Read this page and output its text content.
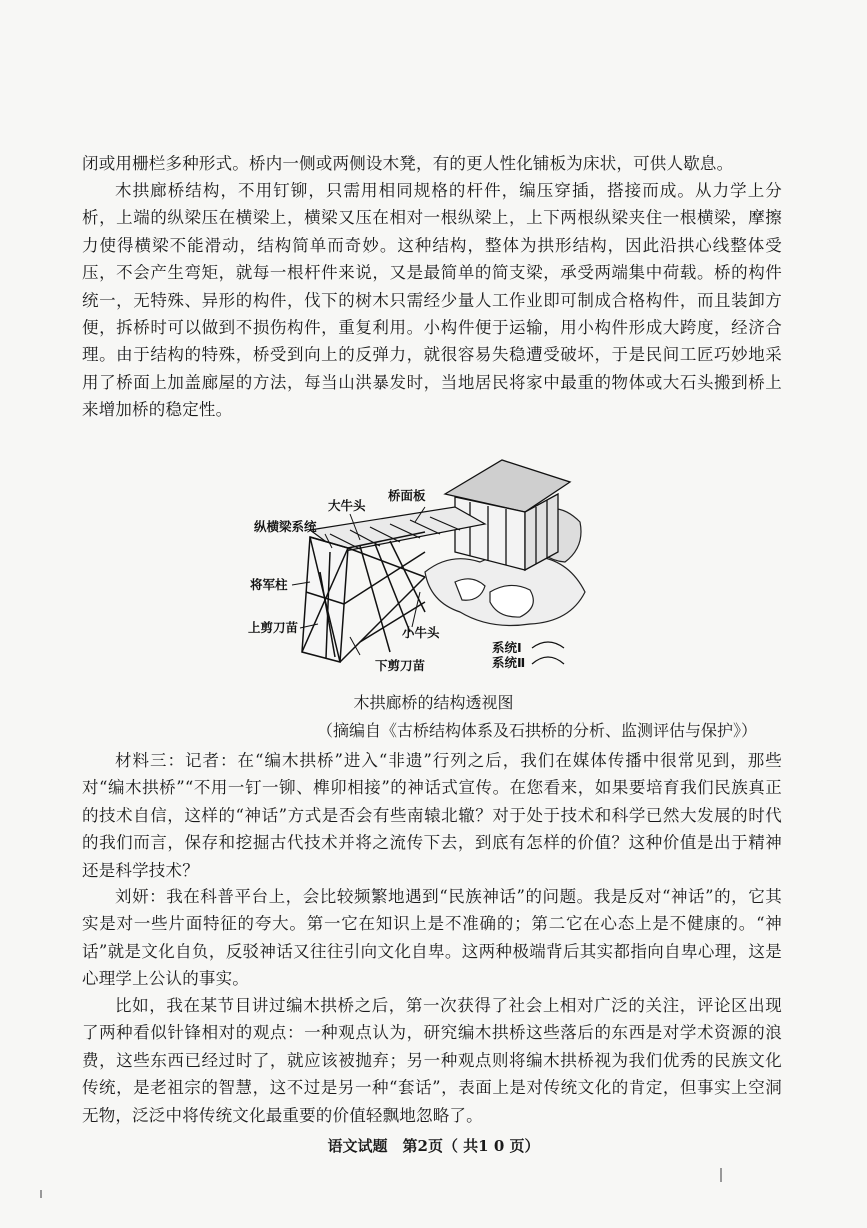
闭或用栅栏多种形式。桥内一侧或两侧设木凳，有的更人性化铺板为床状，可供人歇息。

木拱廊桥结构，不用钉铆，只需用相同规格的杆件，编压穿插，搭接而成。从力学上分析，上端的纵梁压在横梁上，横梁又压在相对一根纵梁上，上下两根纵梁夹住一根横梁，摩擦力使得横梁不能滑动，结构简单而奇妙。这种结构，整体为拱形结构，因此沿拱心线整体受压，不会产生弯矩，就每一根杆件来说，又是最简单的简支梁，承受两端集中荷载。桥的构件统一，无特殊、异形的构件，伐下的树木只需经少量人工作业即可制成合格构件，而且装卸方便，拆桥时可以做到不损伤构件，重复利用。小构件便于运输，用小构件形成大跨度，经济合理。由于结构的特殊，桥受到向上的反弹力，就很容易失稳遭受破坏，于是民间工匠巧妙地采用了桥面上加盖廊屋的方法，每当山洪暴发时，当地居民将家中最重的物体或大石头搬到桥上来增加桥的稳定性。

大牛头
桥面板
纵横梁系统
将军柱
上剪刀苗	小牛头
下剪刀苗
系统Ⅰ
系统Ⅱ
木拱廊桥的结构透视图
（摘编自《古桥结构体系及石拱桥的分析、监测评估与保护》）

材料三：记者：在“编木拱桥”进入“非遗”行列之后，我们在媒体传播中很常见到，那些对“编木拱桥”“不用一钉一铆、榫卯相接”的神话式宣传。在您看来，如果要培育我们民族真正的技术自信，这样的“神话”方式是否会有些南辕北辙？对于处于技术和科学已然大发展的时代的我们而言，保存和挖掘古代技术并将之流传下去，到底有怎样的价值？这种价值是出于精神还是科学技术？

刘妍：我在科普平台上，会比较频繁地遇到“民族神话”的问题。我是反对“神话”的，它其实是对一些片面特征的夸大。第一它在知识上是不准确的；第二它在心态上是不健康的。“神话”就是文化自负，反驳神话又往往引向文化自卑。这两种极端背后其实都指向自卑心理，这是心理学上公认的事实。

比如，我在某节目讲过编木拱桥之后，第一次获得了社会上相对广泛的关注，评论区出现了两种看似针锋相对的观点：一种观点认为，研究编木拱桥这些落后的东西是对学术资源的浪费，这些东西已经过时了，就应该被抛弃；另一种观点则将编木拱桥视为我们优秀的民族文化传统，是老祖宗的智慧，这不过是另一种“套话”，表面上是对传统文化的肯定，但事实上空洞无物，泛泛中将传统文化最重要的价值轻飘地忽略了。

语文试题　第2页（ 共1 0 页）
